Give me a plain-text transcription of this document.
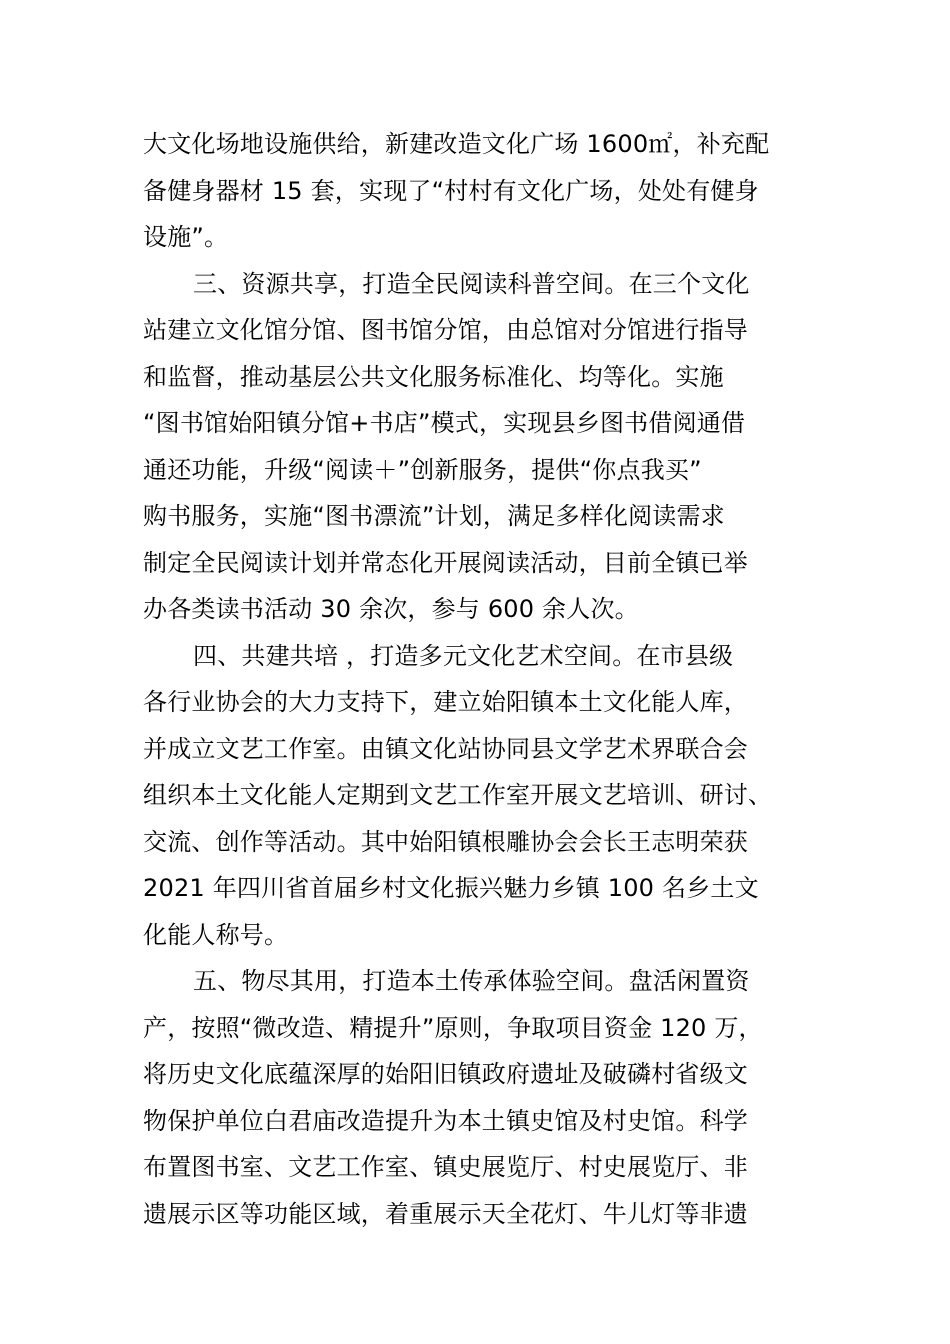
大文化场地设施供给，新建改造文化广场 1600㎡，补充配
备健身器材 15 套，实现了“村村有文化广场，处处有健身
设施”。
三、资源共享，打造全民阅读科普空间。在三个文化
站建立文化馆分馆、图书馆分馆，由总馆对分馆进行指导
和监督，推动基层公共文化服务标准化、均等化。实施
“图书馆始阳镇分馆+书店”模式，实现县乡图书借阅通借
通还功能，升级“阅读＋”创新服务，提供“你点我买”
购书服务，实施“图书漂流”计划，满足多样化阅读需求
制定全民阅读计划并常态化开展阅读活动，目前全镇已举
办各类读书活动 30 余次，参与 600 余人次。
四、共建共培 ，打造多元文化艺术空间。在市县级
各行业协会的大力支持下，建立始阳镇本土文化能人库，
并成立文艺工作室。由镇文化站协同县文学艺术界联合会
组织本土文化能人定期到文艺工作室开展文艺培训、研讨、
交流、创作等活动。其中始阳镇根雕协会会长王志明荣获
2021 年四川省首届乡村文化振兴魅力乡镇 100 名乡土文
化能人称号。
五、物尽其用，打造本土传承体验空间。盘活闲置资
产，按照“微改造、精提升”原则，争取项目资金 120 万，
将历史文化底蕴深厚的始阳旧镇政府遗址及破磷村省级文
物保护单位白君庙改造提升为本土镇史馆及村史馆。科学
布置图书室、文艺工作室、镇史展览厅、村史展览厅、非
遗展示区等功能区域，着重展示天全花灯、牛儿灯等非遗
